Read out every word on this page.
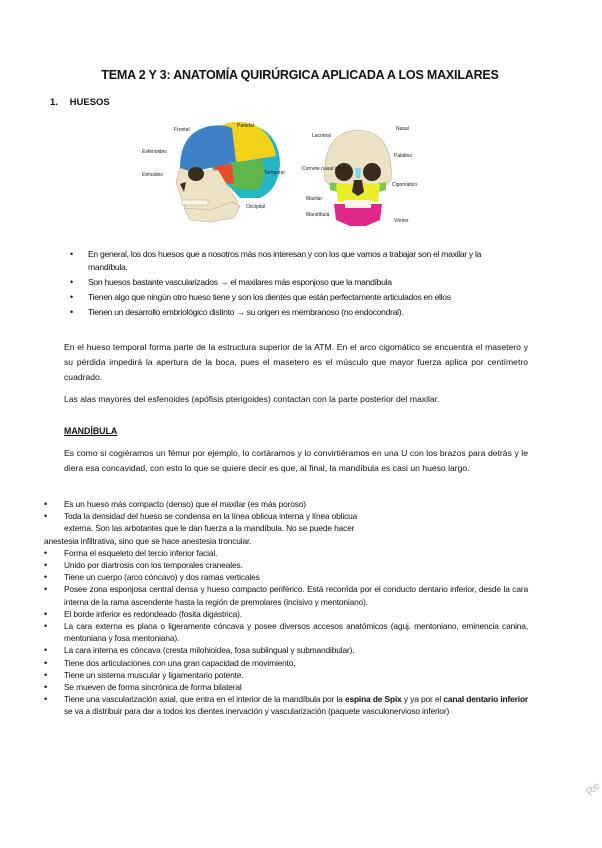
TEMA 2 Y 3: ANATOMÍA QUIRÚRGICA APLICADA A LOS MAXILARES
1. HUESOS
Frontal
Parietal
Esfenoides
Temporal
Etmoides
Occipital
Lacrimal
Nasal
Palatino
Cornete nasal inferior
Cigomático
Maxilar
Mandíbula
Vómer
• En general, los dos huesos que a nosotros más nos interesan y con los que vamos a trabajar son el maxilar y la mandíbula.
• Son huesos bastante vascularizados → el maxilares más esponjoso que la mandíbula
• Tienen algo que ningún otro hueso tiene y son los dientes que están perfectamente articulados en ellos
• Tienen un desarrollo embriológico distinto → su origen es membranoso (no endocondral).

En el hueso temporal forma parte de la estructura superior de la ATM. En el arco cigomático se encuentra el masetero y su pérdida impedirá la apertura de la boca, pues el masetero es el músculo que mayor fuerza aplica por centímetro cuadrado.

Las alas mayores del esfenoides (apófisis pterigoides) contactan con la parte posterior del maxilar.

MANDÍBULA

Es como si cogiéramos un fémur por ejemplo, lo cortáramos y lo convirtiéramos en una U con los brazos para detrás y le diera esa concavidad, con esto lo que se quiere decir es que, al final, la mandíbula es casi un hueso largo.

• Es un hueso más compacto (denso) que el maxilar (es más poroso)
• Toda la densidad del hueso se condensa en la línea oblicua interna y línea oblicua
externa. Son las arbotantes que le dan fuerza a la mandíbula. No se puede hacer
anestesia infiltrativa, sino que se hace anestesia troncular.
• Forma el esqueleto del tercio inferior facial.
• Unido por diartrosis con los temporales craneales.
• Tiene un cuerpo (arco cóncavo) y dos ramas verticales
• Posee zona esponjosa central densa y hueso compacto periférico. Está recorrida por el conducto dentario inferior, desde la cara interna de la rama ascendente hasta la región de premolares (incisivo y mentoniano).
• El borde inferior es redondeado (fosita digástrica).
• La cara externa es plana o ligeramente cóncava y posee diversos accesos anatómicos (aguj. mentoniano, eminencia canina, mentoniana y fosa mentoniana).
• La cara interna es cóncava (cresta milohioidea, fosa sublingual y submandibular).
• Tiene dos articulaciones con una gran capacidad de movimiento.
• Tiene un sistema muscular y ligamentario potente.
• Se mueven de forma sincrónica de forma bilateral
• Tiene una vascularización axial, que entra en el interior de la mandíbula por la espina de Spix y ya por el canal dentario inferior se va a distribuir para dar a todos los dientes inervación y vascularización (paquete vasculonervioso inferior)
Re
